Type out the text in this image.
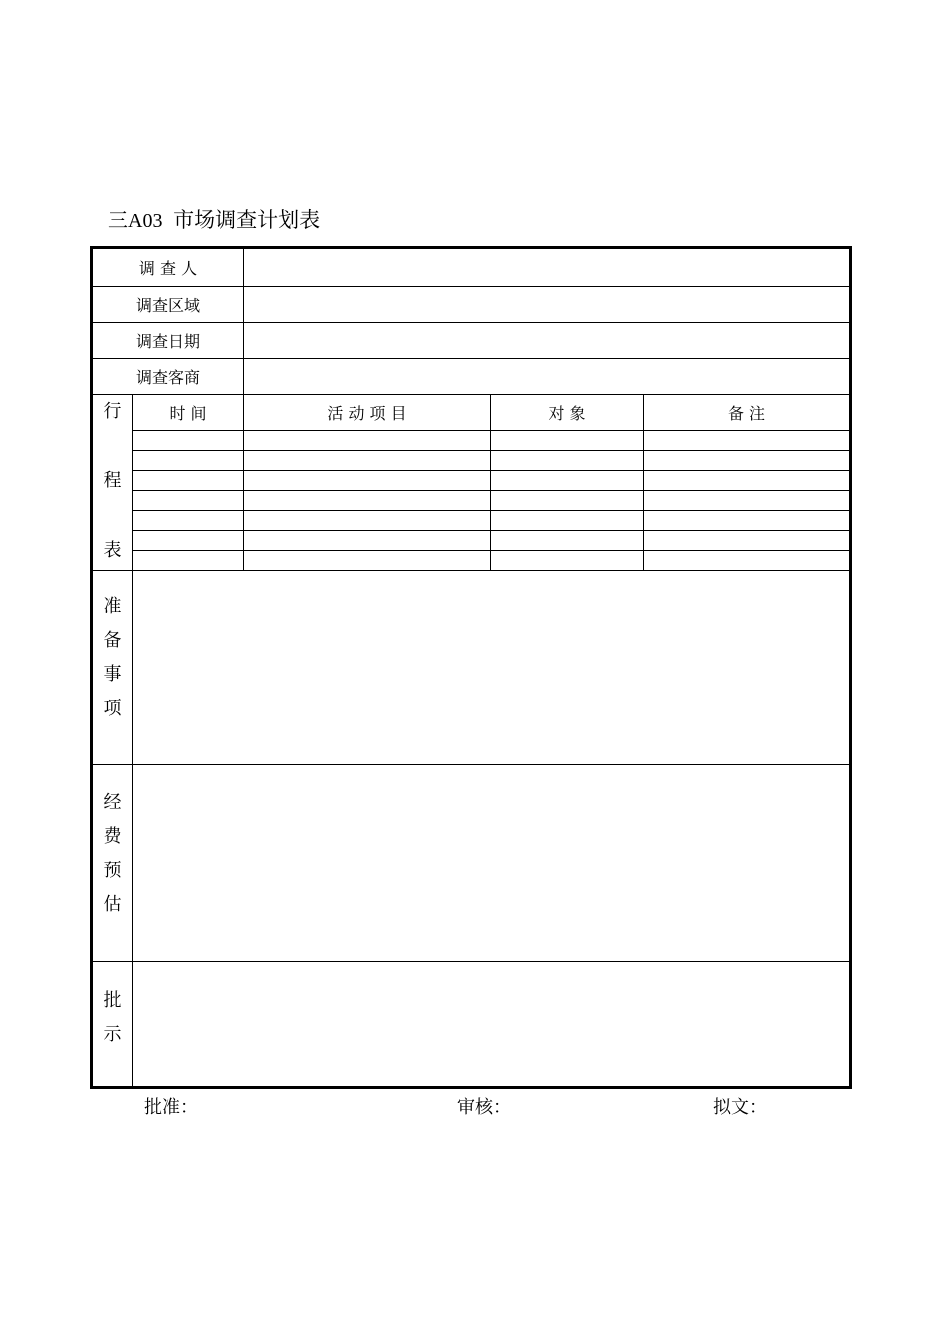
三A03 市场调查计划表
调 查 人
调查区域
调查日期
调查客商
行
程
表
时 间	活 动 项 目	对 象	备 注
准
备
事
项
经
费
预
估
批
示
批准：	审核：	拟文：
